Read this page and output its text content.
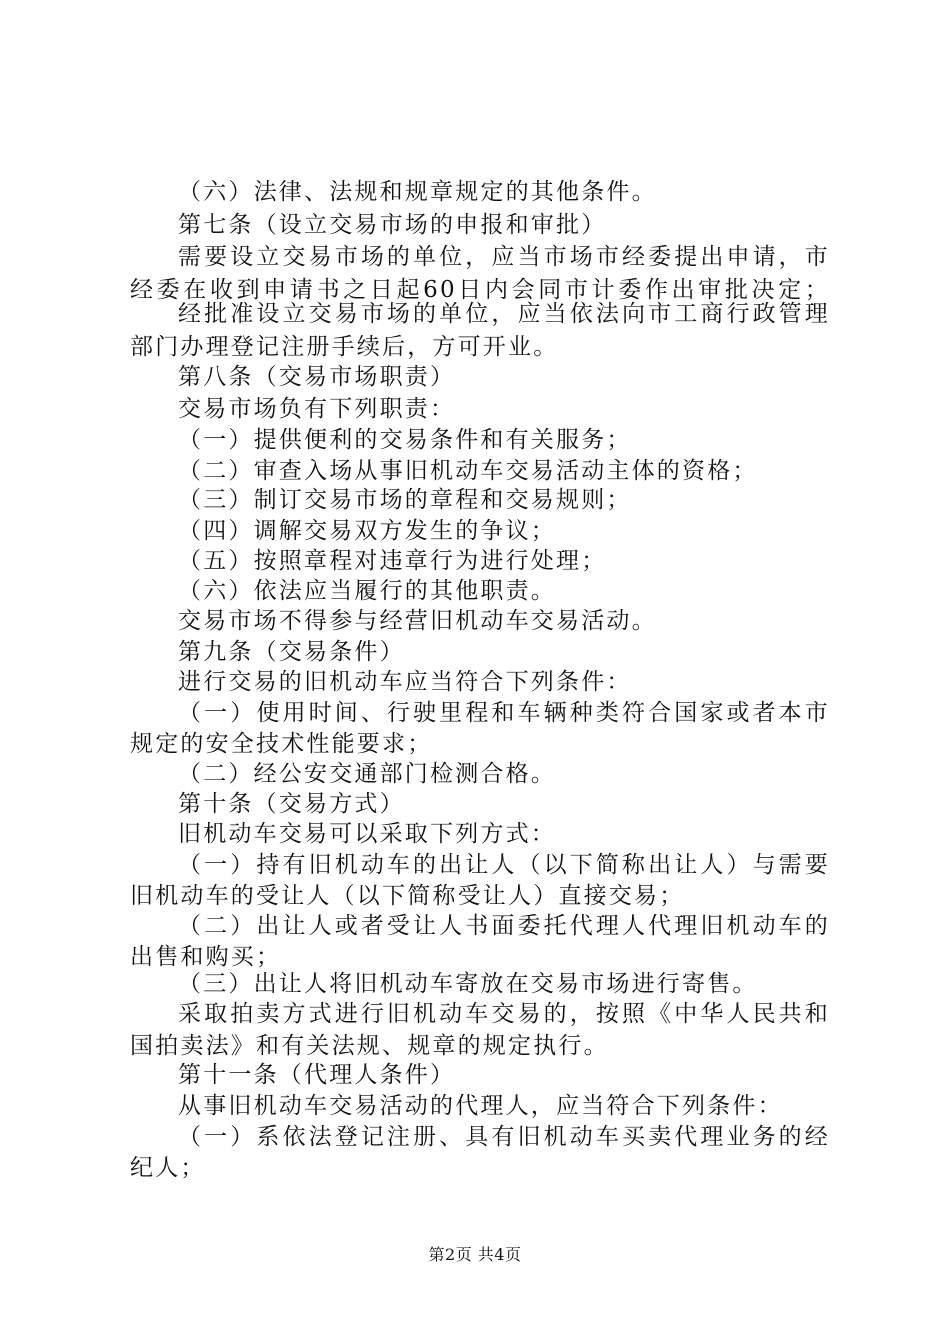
（六）法律、法规和规章规定的其他条件。
第七条（设立交易市场的申报和审批）
需要设立交易市场的单位，应当市场市经委提出申请，市
经委在收到申请书之日起60日内会同市计委作出审批决定；
经批准设立交易市场的单位，应当依法向市工商行政管理
部门办理登记注册手续后，方可开业。
第八条（交易市场职责）
交易市场负有下列职责：
（一）提供便利的交易条件和有关服务；
（二）审查入场从事旧机动车交易活动主体的资格；
（三）制订交易市场的章程和交易规则；
（四）调解交易双方发生的争议；
（五）按照章程对违章行为进行处理；
（六）依法应当履行的其他职责。
交易市场不得参与经营旧机动车交易活动。
第九条（交易条件）
进行交易的旧机动车应当符合下列条件：
（一）使用时间、行驶里程和车辆种类符合国家或者本市
规定的安全技术性能要求；
（二）经公安交通部门检测合格。
第十条（交易方式）
旧机动车交易可以采取下列方式：
（一）持有旧机动车的出让人（以下简称出让人）与需要
旧机动车的受让人（以下简称受让人）直接交易；
（二）出让人或者受让人书面委托代理人代理旧机动车的
出售和购买；
（三）出让人将旧机动车寄放在交易市场进行寄售。
采取拍卖方式进行旧机动车交易的，按照《中华人民共和
国拍卖法》和有关法规、规章的规定执行。
第十一条（代理人条件）
从事旧机动车交易活动的代理人，应当符合下列条件：
（一）系依法登记注册、具有旧机动车买卖代理业务的经
纪人；
第2页 共4页
